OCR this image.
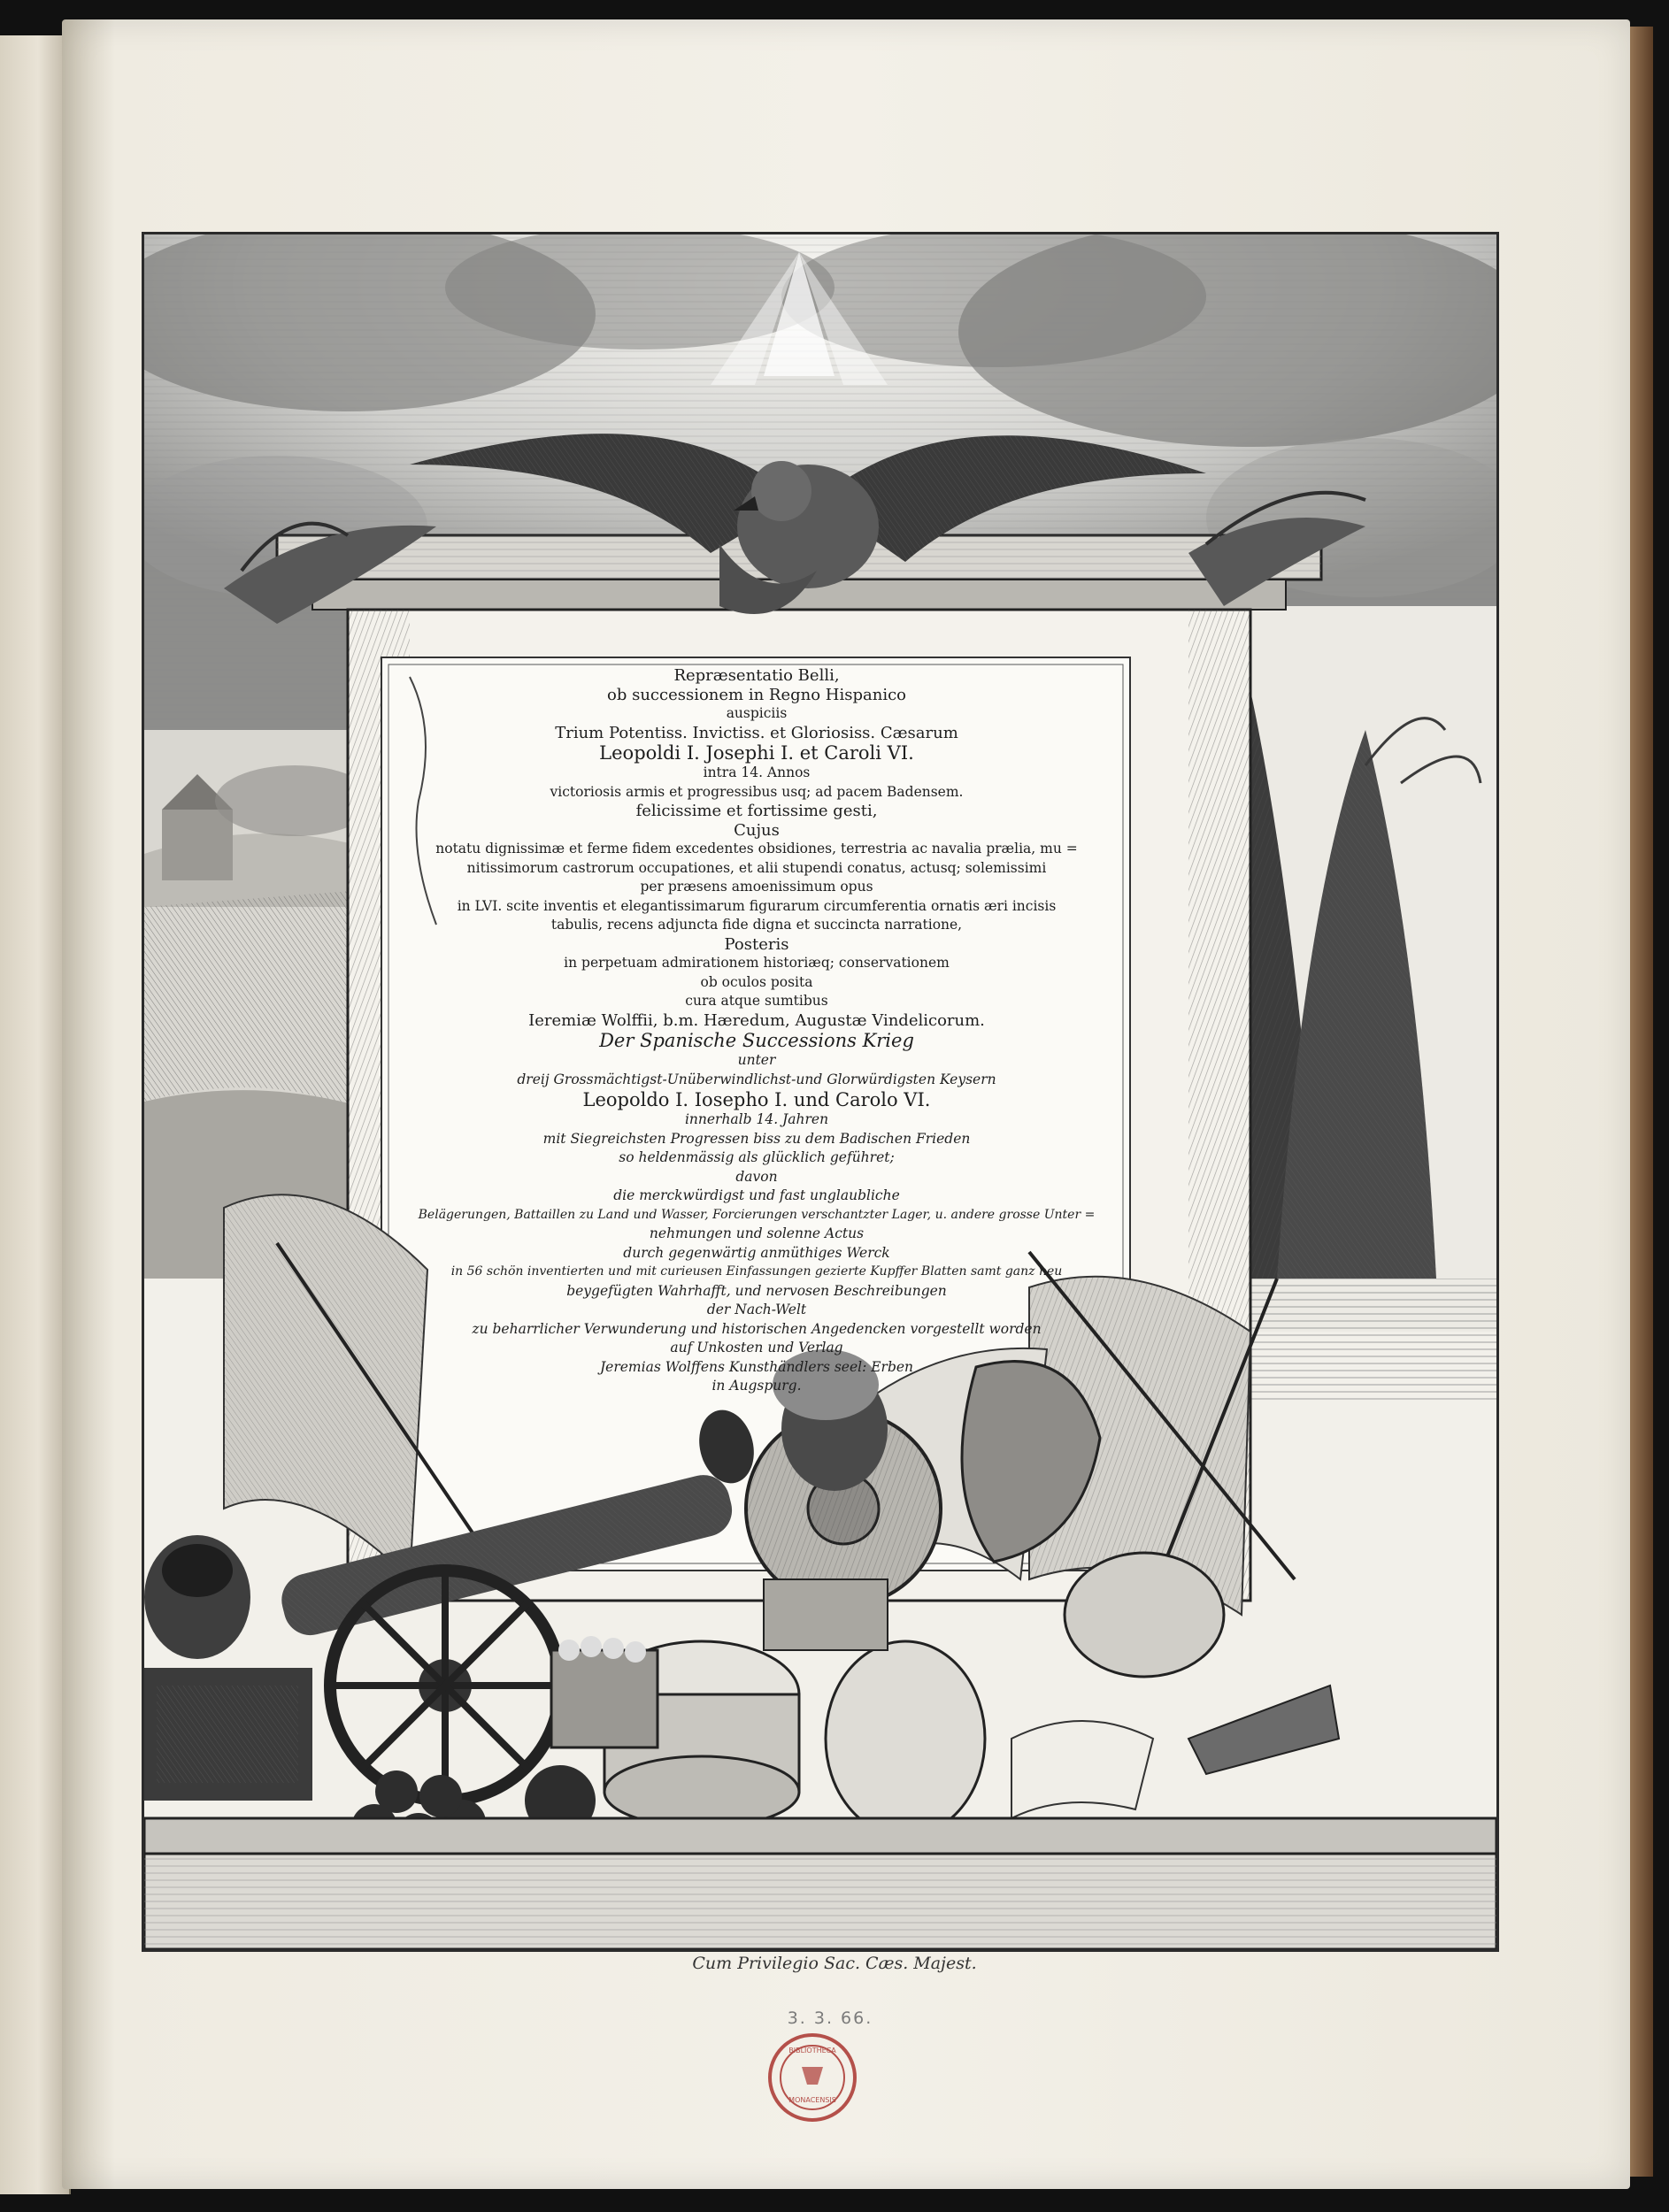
Repræsentatio Belli,
ob successionem in Regno Hispanico
auspiciis
Trium Potentiss. Invictiss. et Gloriosiss. Cæsarum
Leopoldi I. Josephi I. et Caroli VI.
intra 14. Annos
victoriosis armis et progressibus usq; ad pacem Badensem.
felicissime et fortissime gesti,
Cujus
notatu dignissimæ et ferme fidem excedentes obsidiones, terrestria ac navalia prælia, mu =
nitissimorum castrorum occupationes, et alii stupendi conatus, actusq; solemissimi
per præsens amoenissimum opus
in LVI. scite inventis et elegantissimarum figurarum circumferentia ornatis æri incisis
tabulis, recens adjuncta fide digna et succincta narratione,
Posteris
in perpetuam admirationem historiæq; conservationem
ob oculos posita
cura atque sumtibus
Ieremiæ Wolffii, b.m. Hæredum, Augustæ Vindelicorum.
Der Spanische Successions Krieg
unter
dreij Grossmächtigst-Unüberwindlichst-und Glorwürdigsten Keysern
Leopoldo I. Iosepho I. und Carolo VI.
innerhalb 14. Jahren
mit Siegreichsten Progressen biss zu dem Badischen Frieden
so heldenmässig als glücklich geführet;
davon
die merckwürdigst und fast unglaubliche
Belägerungen, Battaillen zu Land und Wasser, Forcierungen verschantzter Lager, u. andere grosse Unter =
nehmungen und solenne Actus
durch gegenwärtig anmüthiges Werck
in 56 schön inventierten und mit curieusen Einfassungen gezierte Kupffer Blatten samt ganz neu
beygefügten Wahrhafft, und nervosen Beschreibungen
der Nach-Welt
zu beharrlicher Verwunderung und historischen Angedencken vorgestellt worden
auf Unkosten und Verlag
Jeremias Wolffens Kunsthändlers seel: Erben
in Augspurg.
Cum Privilegio Sac. Cæs. Majest.
3. 3. 66.
BIBLIOTHECA
MONACENSIS
